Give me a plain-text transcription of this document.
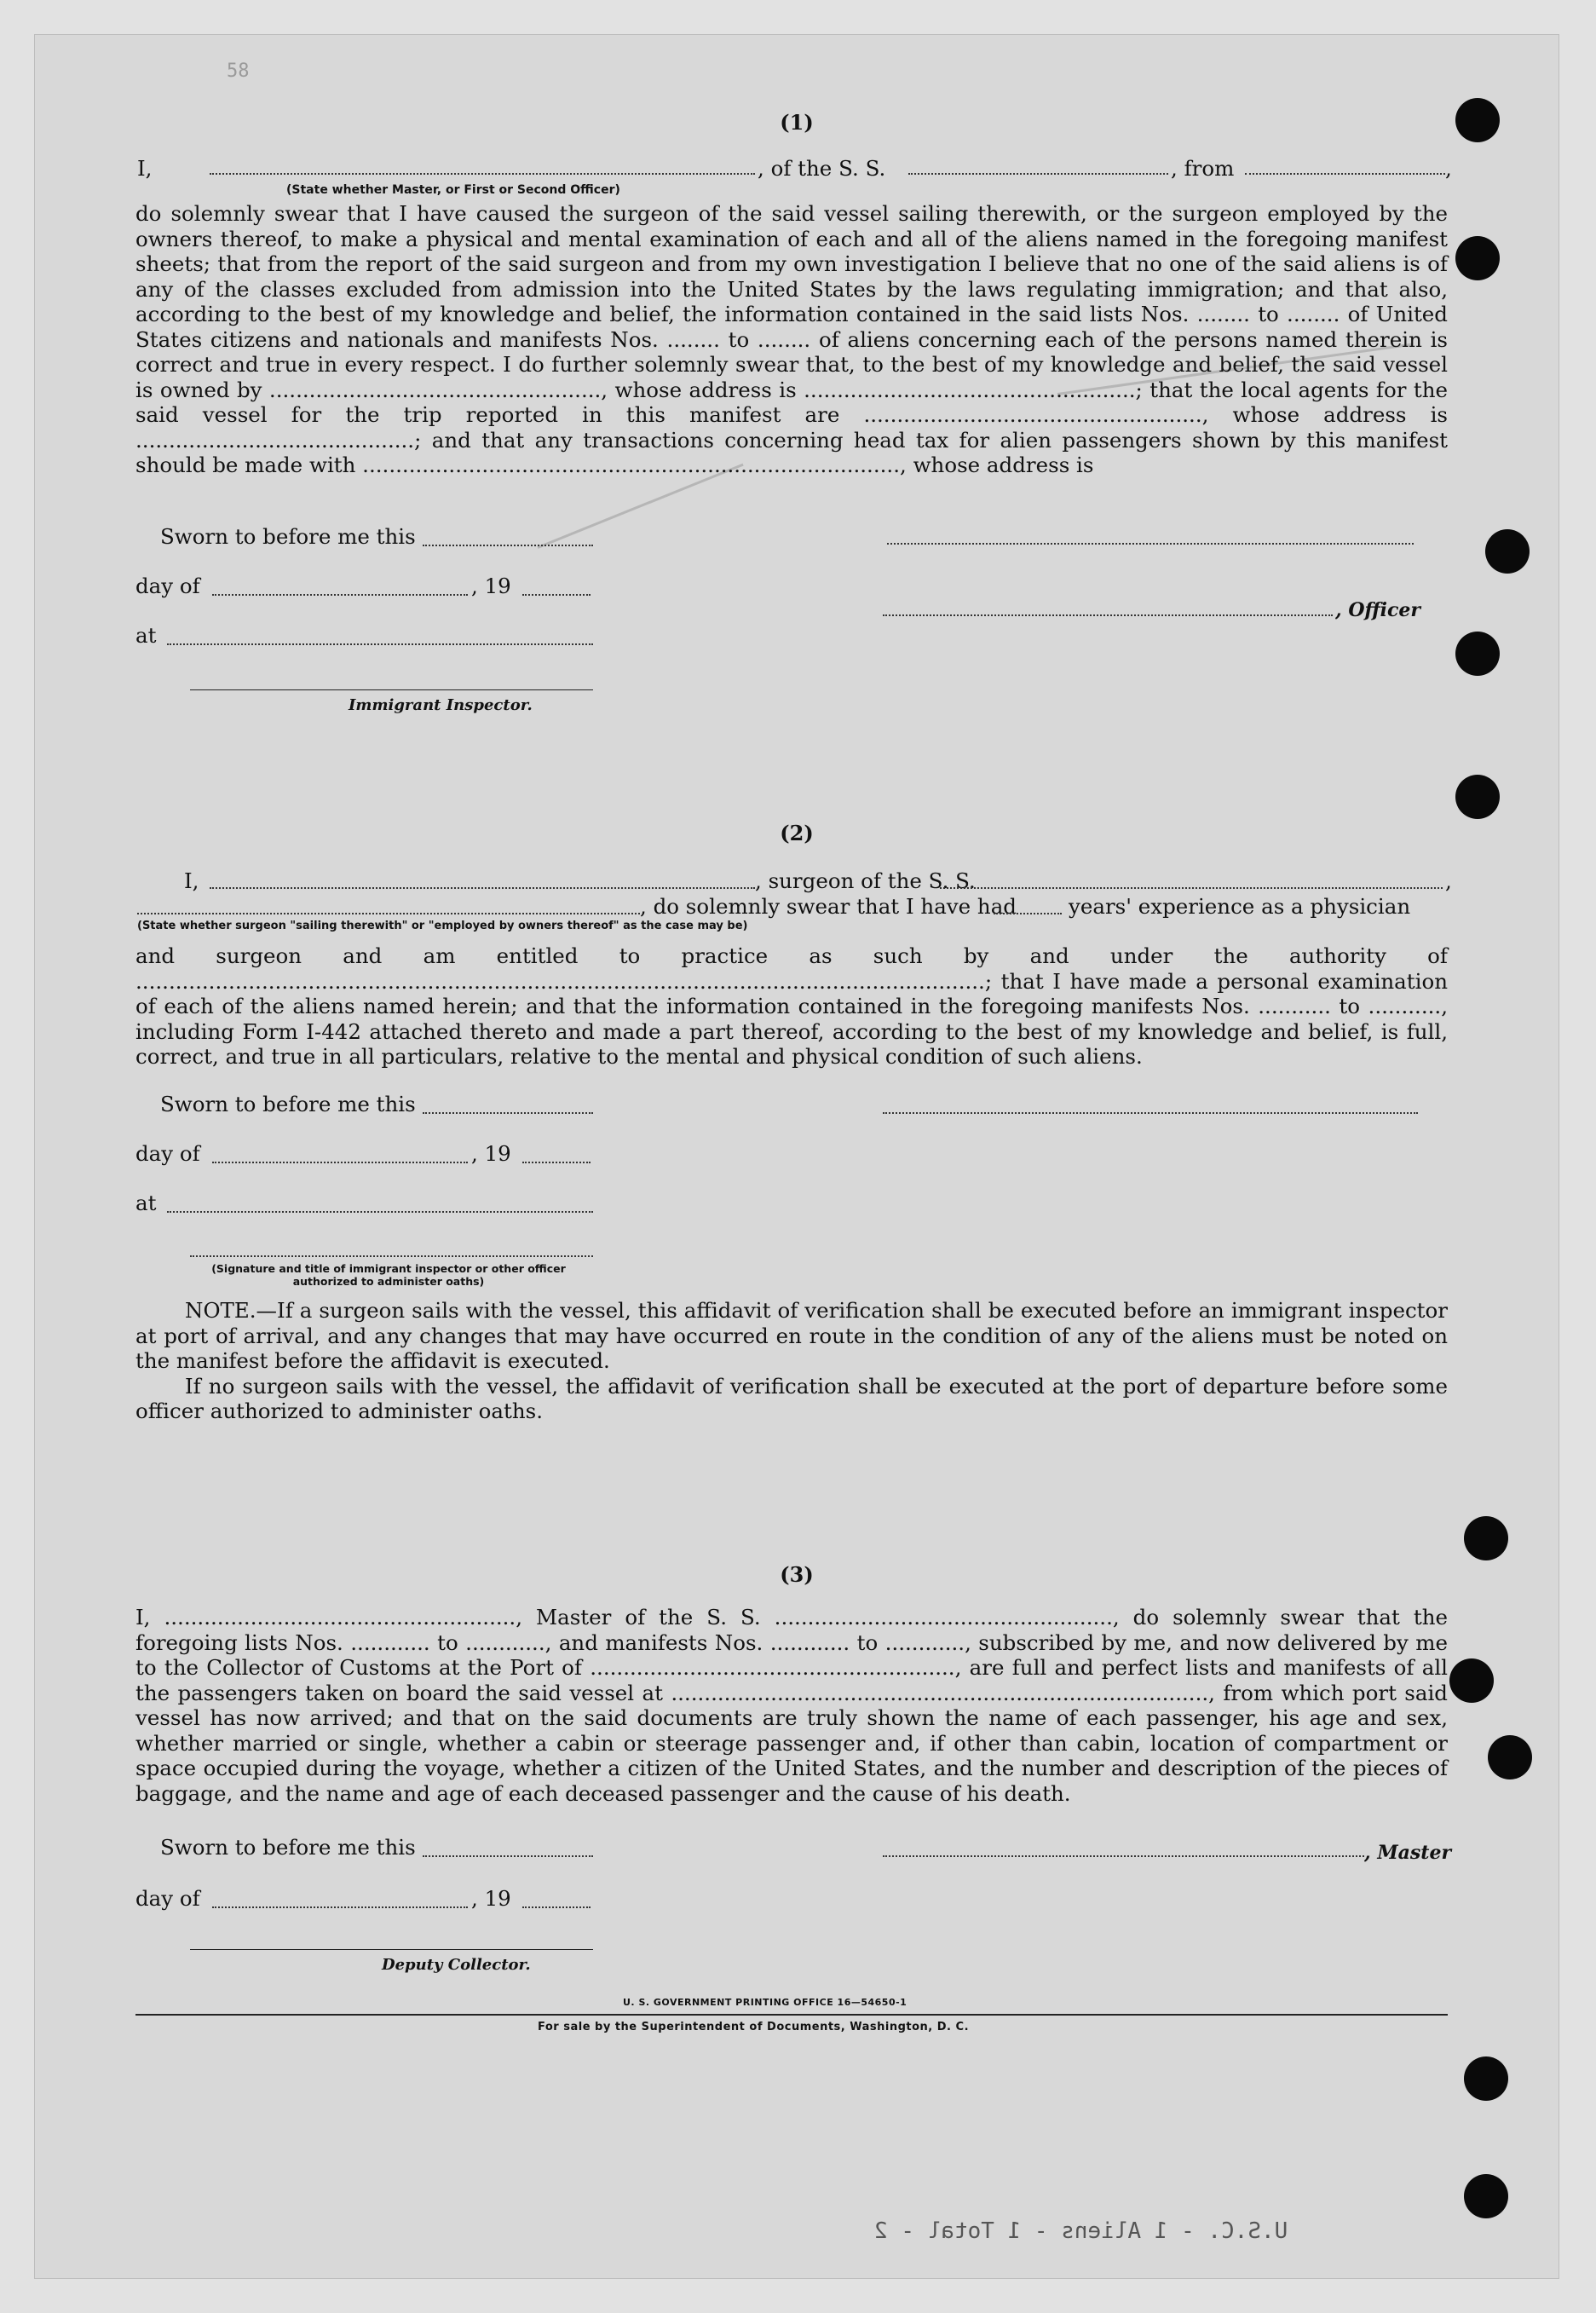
58
(1)
I,	, of the S. S.	, from	,
(State whether Master, or First or Second Officer)

do solemnly swear that I have caused the surgeon of the said vessel sailing therewith, or the surgeon employed by the owners thereof, to make a physical and mental examination of each and all of the aliens named in the foregoing manifest sheets; that from the report of the said surgeon and from my own investigation I believe that no one of the said aliens is of any of the classes excluded from admission into the United States by the laws regulating immigration; and that also, according to the best of my knowledge and belief, the information contained in the said lists Nos. ........ to ........ of United States citizens and nationals and manifests Nos. ........ to ........ of aliens concerning each of the persons named therein is correct and true in every respect. I do further solemnly swear that, to the best of my knowledge and belief, the said vessel is owned by .................................................., whose address is ..................................................; that the local agents for the said vessel for the trip reported in this manifest are ..................................................., whose address is ..........................................; and that any transactions concerning head tax for alien passengers shown by this manifest should be made with ................................................................................., whose address is

Sworn to before me this
day of	, 19
, Officer
at
Immigrant Inspector.
(2)
I,	, surgeon of the S. S.	,
, do solemnly swear that I have had years' experience as a physician
(State whether surgeon "sailing therewith" or "employed by owners thereof" as the case may be)

and surgeon and am entitled to practice as such by and under the authority of ................................................................................................................................; that I have made a personal examination of each of the aliens named herein; and that the information contained in the foregoing manifests Nos. ........... to ..........., including Form I-442 attached thereto and made a part thereof, according to the best of my knowledge and belief, is full, correct, and true in all particulars, relative to the mental and physical condition of such aliens.

Sworn to before me this
day of	, 19
at
(Signature and title of immigrant inspector or other officer authorized to administer oaths)

NOTE.—If a surgeon sails with the vessel, this affidavit of verification shall be executed before an immigrant inspector at port of arrival, and any changes that may have occurred en route in the condition of any of the aliens must be noted on the manifest before the affidavit is executed.

If no surgeon sails with the vessel, the affidavit of verification shall be executed at the port of departure before some officer authorized to administer oaths.

(3)

I, ....................................................., Master of the S. S. ..................................................., do solemnly swear that the foregoing lists Nos. ............ to ............, and manifests Nos. ............ to ............, subscribed by me, and now delivered by me to the Collector of Customs at the Port of ......................................................., are full and perfect lists and manifests of all the passengers taken on board the said vessel at ................................................................................., from which port said vessel has now arrived; and that on the said documents are truly shown the name of each passenger, his age and sex, whether married or single, whether a cabin or steerage passenger and, if other than cabin, location of compartment or space occupied during the voyage, whether a citizen of the United States, and the number and description of the pieces of baggage, and the name and age of each deceased passenger and the cause of his death.

Sworn to before me this	, Master
day of	, 19
Deputy Collector.
U. S. GOVERNMENT PRINTING OFFICE 16—54650-1
For sale by the Superintendent of Documents, Washington, D. C.
U.S.C. - 1 Aliens - 1 Total - 2
